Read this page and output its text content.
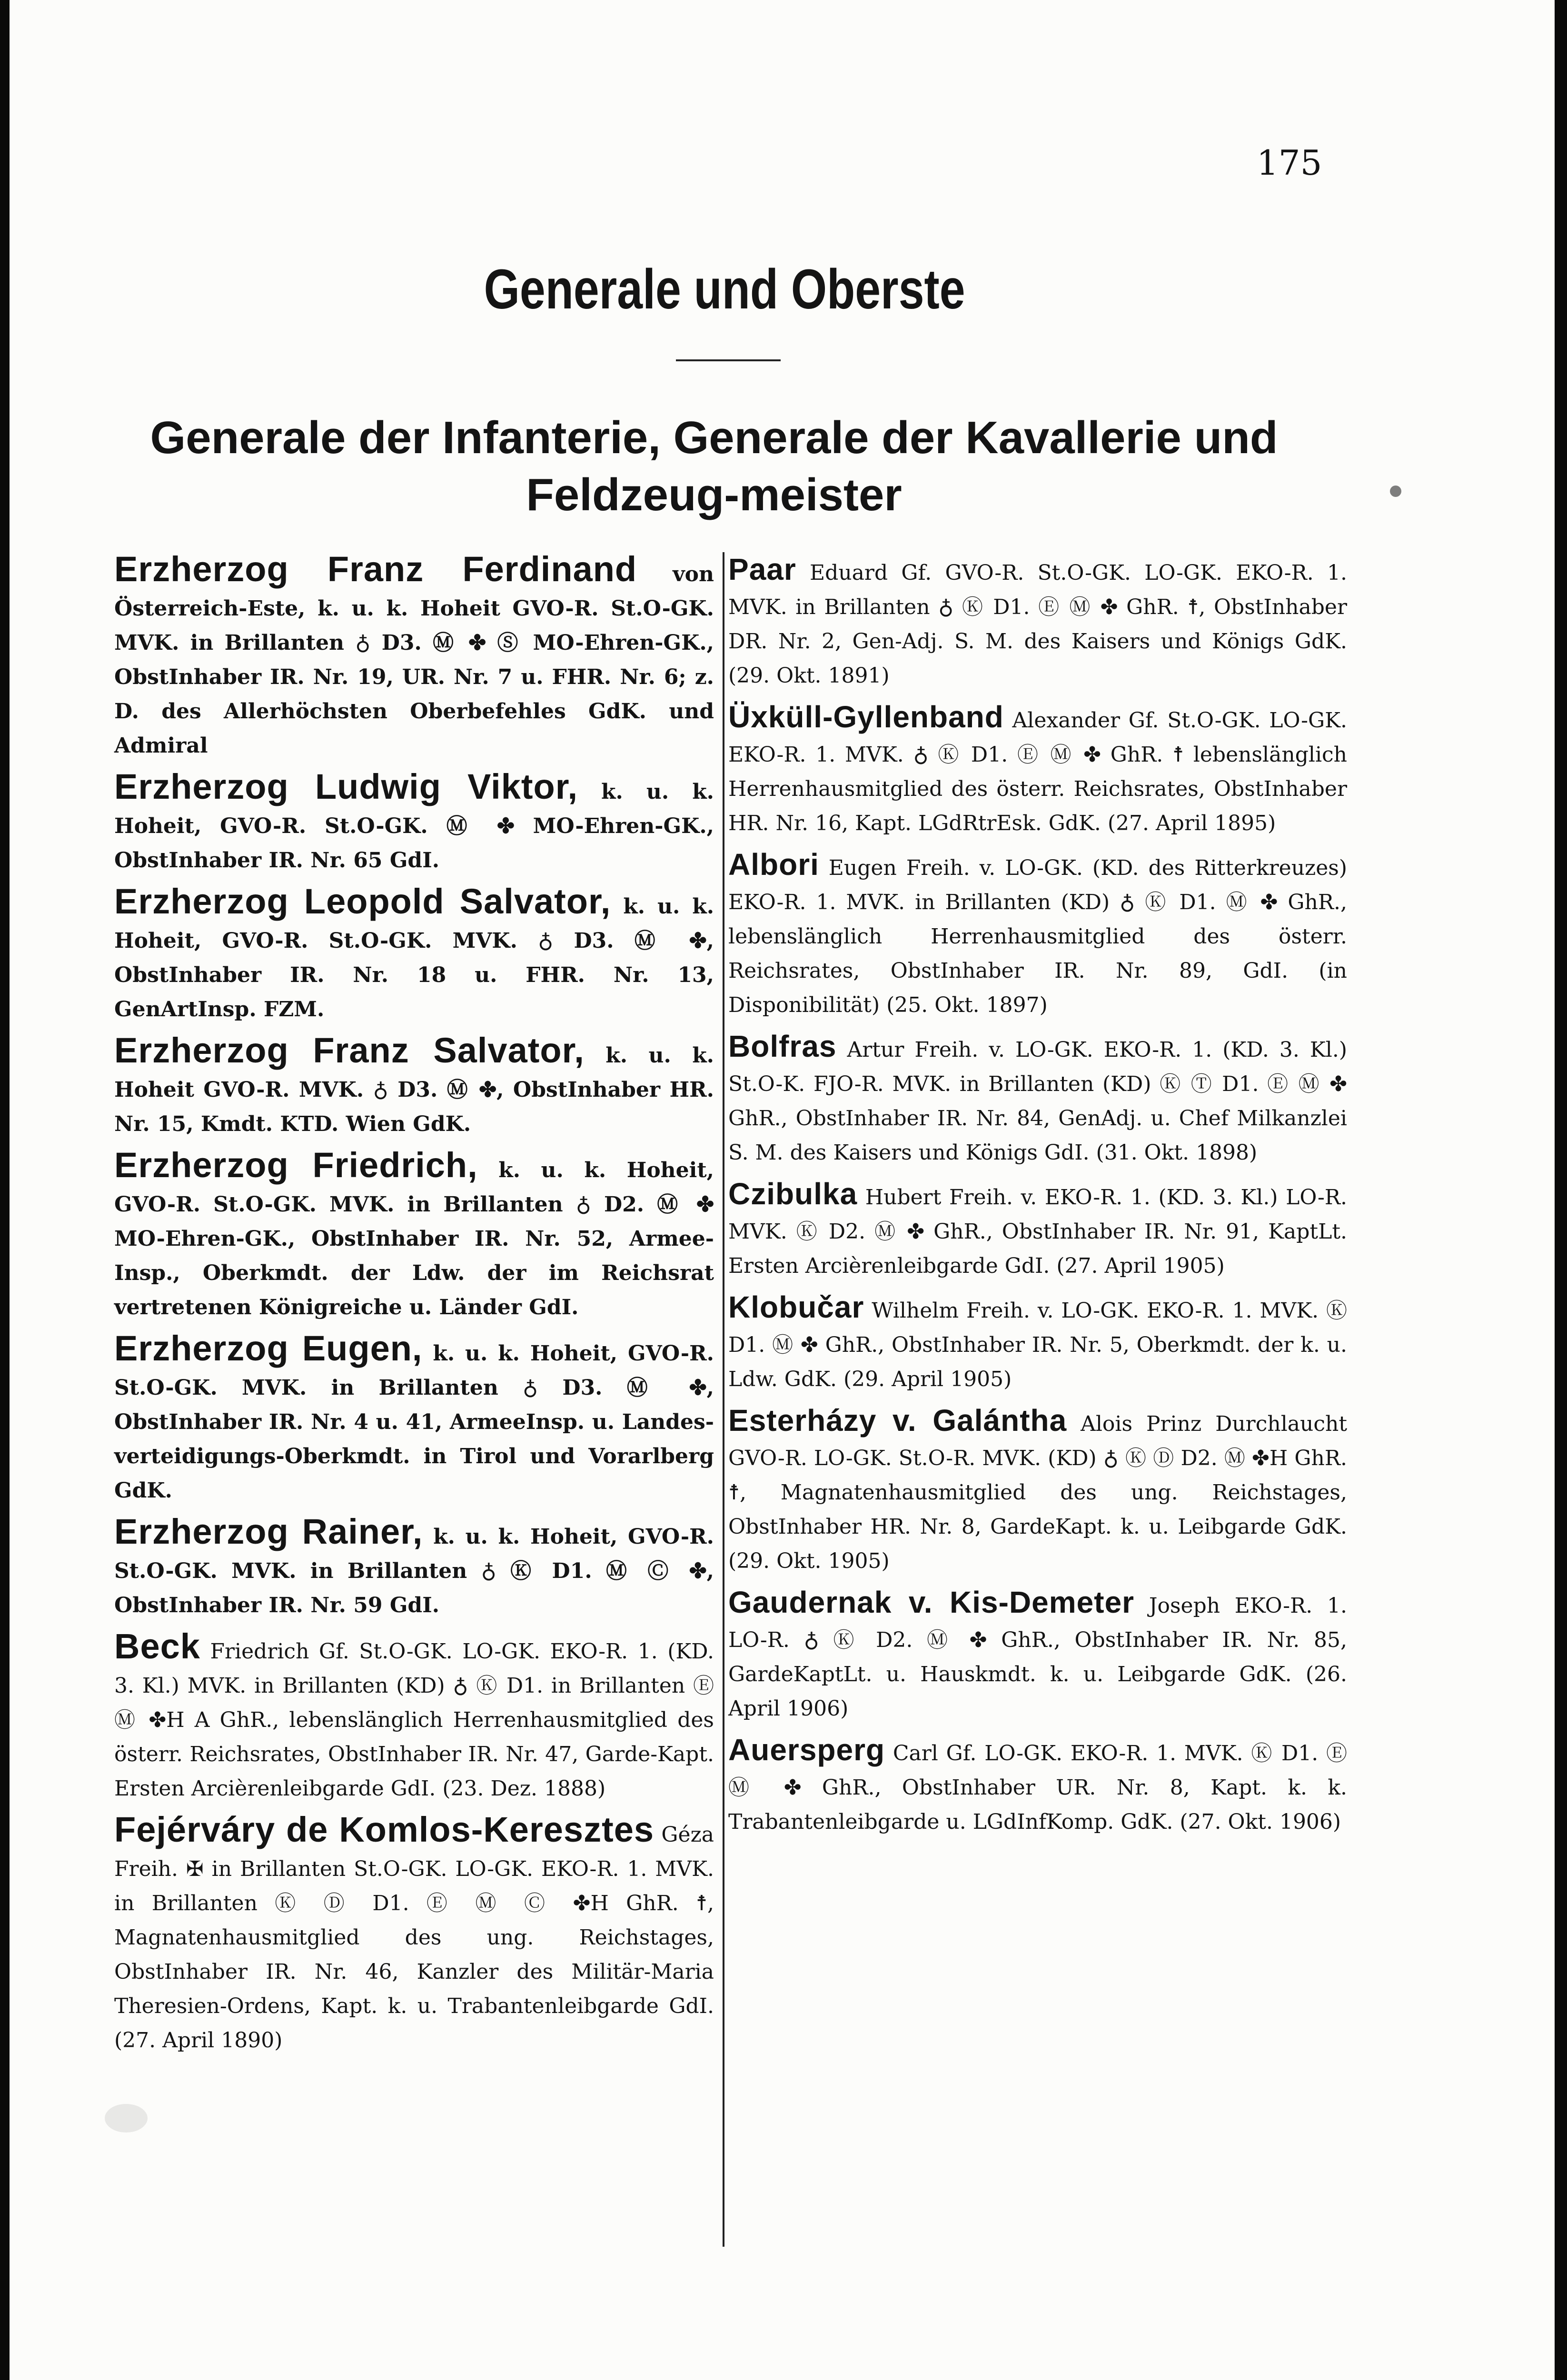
175
Generale und Oberste
Generale der Infanterie, Generale der Kavallerie und Feldzeug-meister

Erzherzog Franz Ferdinand von Österreich-Este, k. u. k. Hoheit GVO-R. St.O-GK. MVK. in Brillanten ♁ D3. Ⓜ ✤ Ⓢ MO-Ehren-GK., ObstInhaber IR. Nr. 19, UR. Nr. 7 u. FHR. Nr. 6; z. D. des Allerhöchsten Oberbefehles GdK. und Admiral

Erzherzog Ludwig Viktor, k. u. k. Hoheit, GVO-R. St.O-GK. Ⓜ ✤ MO-Ehren-GK., ObstInhaber IR. Nr. 65 GdI.

Erzherzog Leopold Salvator, k. u. k. Hoheit, GVO-R. St.O-GK. MVK. ♁ D3. Ⓜ ✤, ObstInhaber IR. Nr. 18 u. FHR. Nr. 13, GenArtInsp. FZM.

Erzherzog Franz Salvator, k. u. k. Hoheit GVO-R. MVK. ♁ D3. Ⓜ ✤, ObstInhaber HR. Nr. 15, Kmdt. KTD. Wien GdK.

Erzherzog Friedrich, k. u. k. Hoheit, GVO-R. St.O-GK. MVK. in Brillanten ♁ D2. Ⓜ ✤ MO-Ehren-GK., ObstInhaber IR. Nr. 52, Armee-Insp., Oberkmdt. der Ldw. der im Reichsrat vertretenen Königreiche u. Länder GdI.

Erzherzog Eugen, k. u. k. Hoheit, GVO-R. St.O-GK. MVK. in Brillanten ♁ D3. Ⓜ ✤, ObstInhaber IR. Nr. 4 u. 41, ArmeeInsp. u. Landes-verteidigungs-Oberkmdt. in Tirol und Vorarlberg GdK.

Erzherzog Rainer, k. u. k. Hoheit, GVO-R. St.O-GK. MVK. in Brillanten ♁ Ⓚ D1. Ⓜ Ⓒ ✤, ObstInhaber IR. Nr. 59 GdI.

Beck Friedrich Gf. St.O-GK. LO-GK. EKO-R. 1. (KD. 3. Kl.) MVK. in Brillanten (KD) ♁ Ⓚ D1. in Brillanten Ⓔ Ⓜ ✤H A GhR., lebenslänglich Herrenhausmitglied des österr. Reichsrates, ObstInhaber IR. Nr. 47, Garde-Kapt. Ersten Arcièrenleibgarde GdI. (23. Dez. 1888)

Fejérváry de Komlos-Keresztes Géza Freih. ✠ in Brillanten St.O-GK. LO-GK. EKO-R. 1. MVK. in Brillanten Ⓚ Ⓓ D1. Ⓔ Ⓜ Ⓒ ✤H GhR. ☨, Magnatenhausmitglied des ung. Reichstages, ObstInhaber IR. Nr. 46, Kanzler des Militär-Maria Theresien-Ordens, Kapt. k. u. Trabantenleibgarde GdI. (27. April 1890)

Paar Eduard Gf. GVO-R. St.O-GK. LO-GK. EKO-R. 1. MVK. in Brillanten ♁ Ⓚ D1. Ⓔ Ⓜ ✤ GhR. ☨, ObstInhaber DR. Nr. 2, Gen-Adj. S. M. des Kaisers und Königs GdK. (29. Okt. 1891)

Üxküll-Gyllenband Alexander Gf. St.O-GK. LO-GK. EKO-R. 1. MVK. ♁ Ⓚ D1. Ⓔ Ⓜ ✤ GhR. ☨ lebenslänglich Herrenhausmitglied des österr. Reichsrates, ObstInhaber HR. Nr. 16, Kapt. LGdRtrEsk. GdK. (27. April 1895)

Albori Eugen Freih. v. LO-GK. (KD. des Ritterkreuzes) EKO-R. 1. MVK. in Brillanten (KD) ♁ Ⓚ D1. Ⓜ ✤ GhR., lebenslänglich Herrenhausmitglied des österr. Reichsrates, ObstInhaber IR. Nr. 89, GdI. (in Disponibilität) (25. Okt. 1897)

Bolfras Artur Freih. v. LO-GK. EKO-R. 1. (KD. 3. Kl.) St.O-K. FJO-R. MVK. in Brillanten (KD) Ⓚ Ⓣ D1. Ⓔ Ⓜ ✤ GhR., ObstInhaber IR. Nr. 84, GenAdj. u. Chef Milkanzlei S. M. des Kaisers und Königs GdI. (31. Okt. 1898)

Czibulka Hubert Freih. v. EKO-R. 1. (KD. 3. Kl.) LO-R. MVK. Ⓚ D2. Ⓜ ✤ GhR., ObstInhaber IR. Nr. 91, KaptLt. Ersten Arcièrenleibgarde GdI. (27. April 1905)

Klobučar Wilhelm Freih. v. LO-GK. EKO-R. 1. MVK. Ⓚ D1. Ⓜ ✤ GhR., ObstInhaber IR. Nr. 5, Oberkmdt. der k. u. Ldw. GdK. (29. April 1905)

Esterházy v. Galántha Alois Prinz Durchlaucht GVO-R. LO-GK. St.O-R. MVK. (KD) ♁ Ⓚ Ⓓ D2. Ⓜ ✤H GhR. ☨, Magnatenhausmitglied des ung. Reichstages, ObstInhaber HR. Nr. 8, GardeKapt. k. u. Leibgarde GdK. (29. Okt. 1905)

Gaudernak v. Kis-Demeter Joseph EKO-R. 1. LO-R. ♁ Ⓚ D2. Ⓜ ✤ GhR., ObstInhaber IR. Nr. 85, GardeKaptLt. u. Hauskmdt. k. u. Leibgarde GdK. (26. April 1906)

Auersperg Carl Gf. LO-GK. EKO-R. 1. MVK. Ⓚ D1. Ⓔ Ⓜ ✤ GhR., ObstInhaber UR. Nr. 8, Kapt. k. k. Trabantenleibgarde u. LGdInfKomp. GdK. (27. Okt. 1906)
